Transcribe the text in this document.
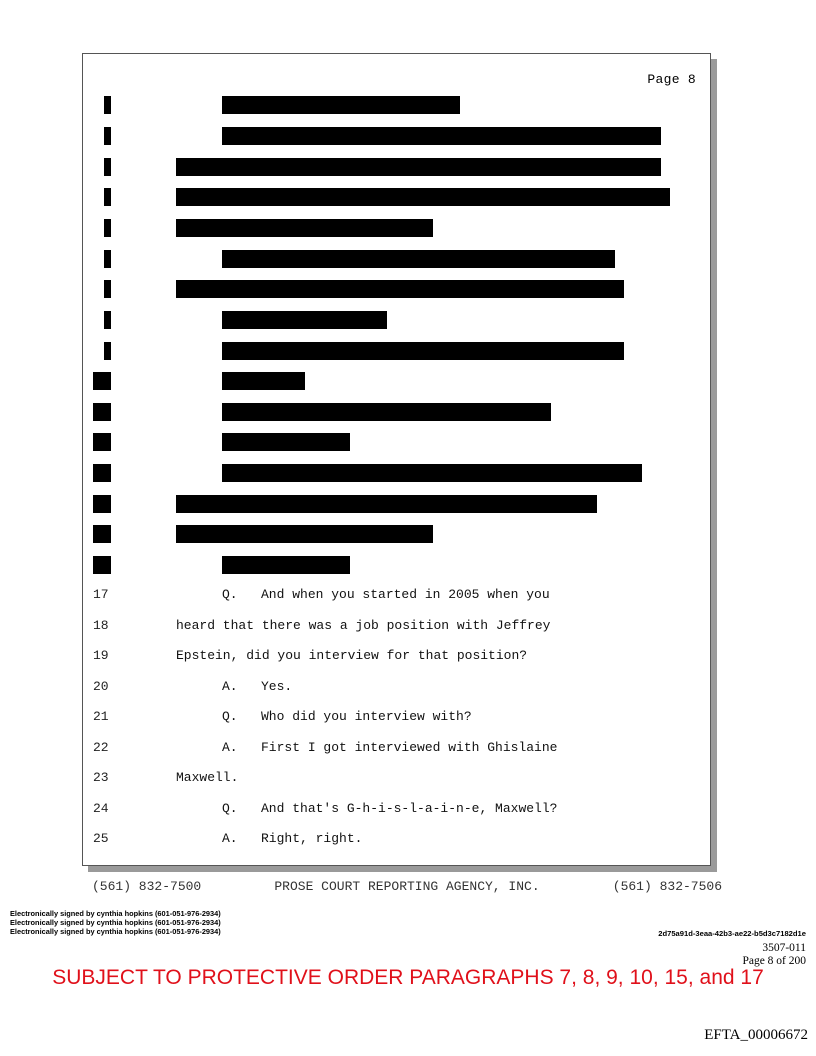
Page 8
17	Q.   And when you started in 2005 when you
18	heard that there was a job position with Jeffrey
19	Epstein, did you interview for that position?
20	A.   Yes.
21	Q.   Who did you interview with?
22	A.   First I got interviewed with Ghislaine
23	Maxwell.
24	Q.   And that's G-h-i-s-l-a-i-n-e, Maxwell?
25	A.   Right, right.
(561) 832-7500	PROSE COURT REPORTING AGENCY, INC.	(561) 832-7506
Electronically signed by cynthia hopkins (601-051-976-2934)
Electronically signed by cynthia hopkins (601-051-976-2934)
Electronically signed by cynthia hopkins (601-051-976-2934)	2d75a91d-3eaa-42b3-ae22-b5d3c7182d1e
3507-011
Page 8 of 200
SUBJECT TO PROTECTIVE ORDER PARAGRAPHS 7, 8, 9, 10, 15, and 17
EFTA_00006672
